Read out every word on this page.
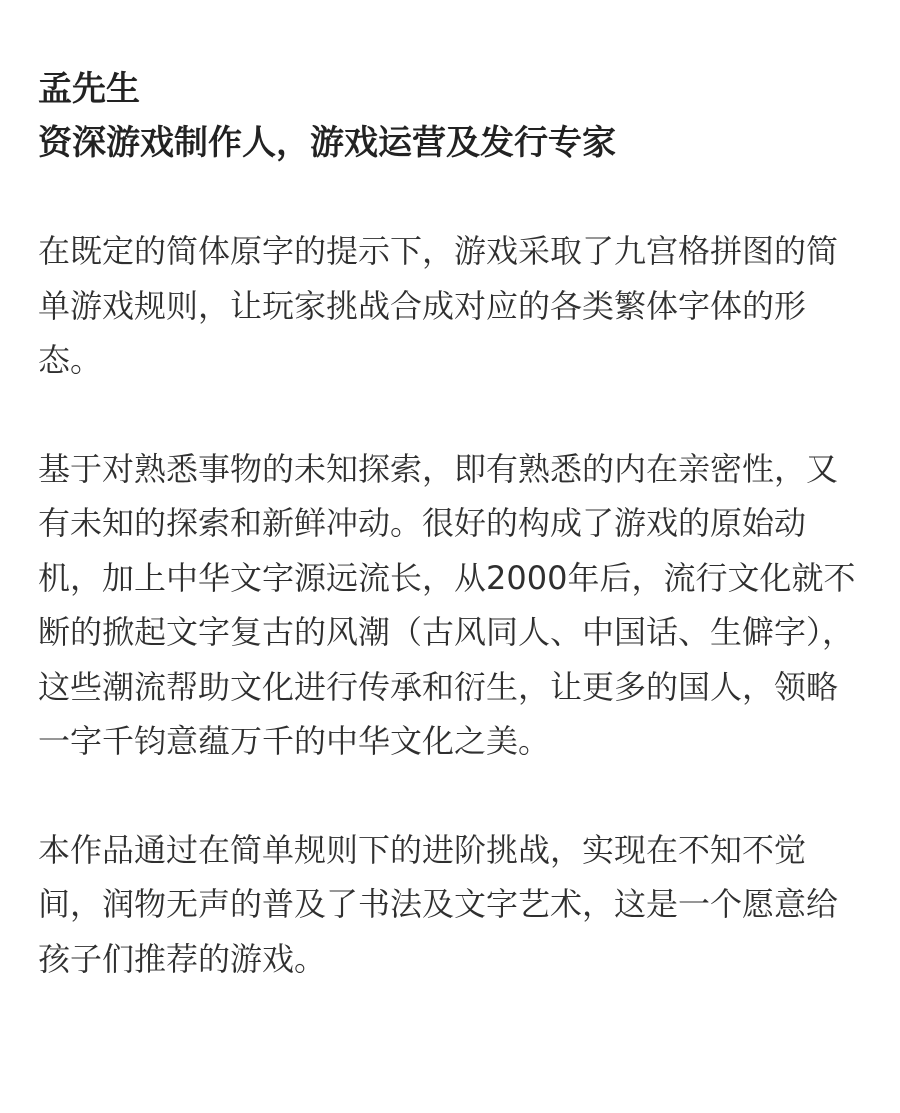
孟先生

资深游戏制作人，游戏运营及发行专家

在既定的简体原字的提示下，游戏采取了九宫格拼图的简单游戏规则，让玩家挑战合成对应的各类繁体字体的形态。

基于对熟悉事物的未知探索，即有熟悉的内在亲密性，又有未知的探索和新鲜冲动。很好的构成了游戏的原始动机，加上中华文字源远流长，从2000年后，流行文化就不断的掀起文字复古的风潮（古风同人、中国话、生僻字），这些潮流帮助文化进行传承和衍生，让更多的国人，领略一字千钧意蕴万千的中华文化之美。

本作品通过在简单规则下的进阶挑战，实现在不知不觉间，润物无声的普及了书法及文字艺术，这是一个愿意给孩子们推荐的游戏。
